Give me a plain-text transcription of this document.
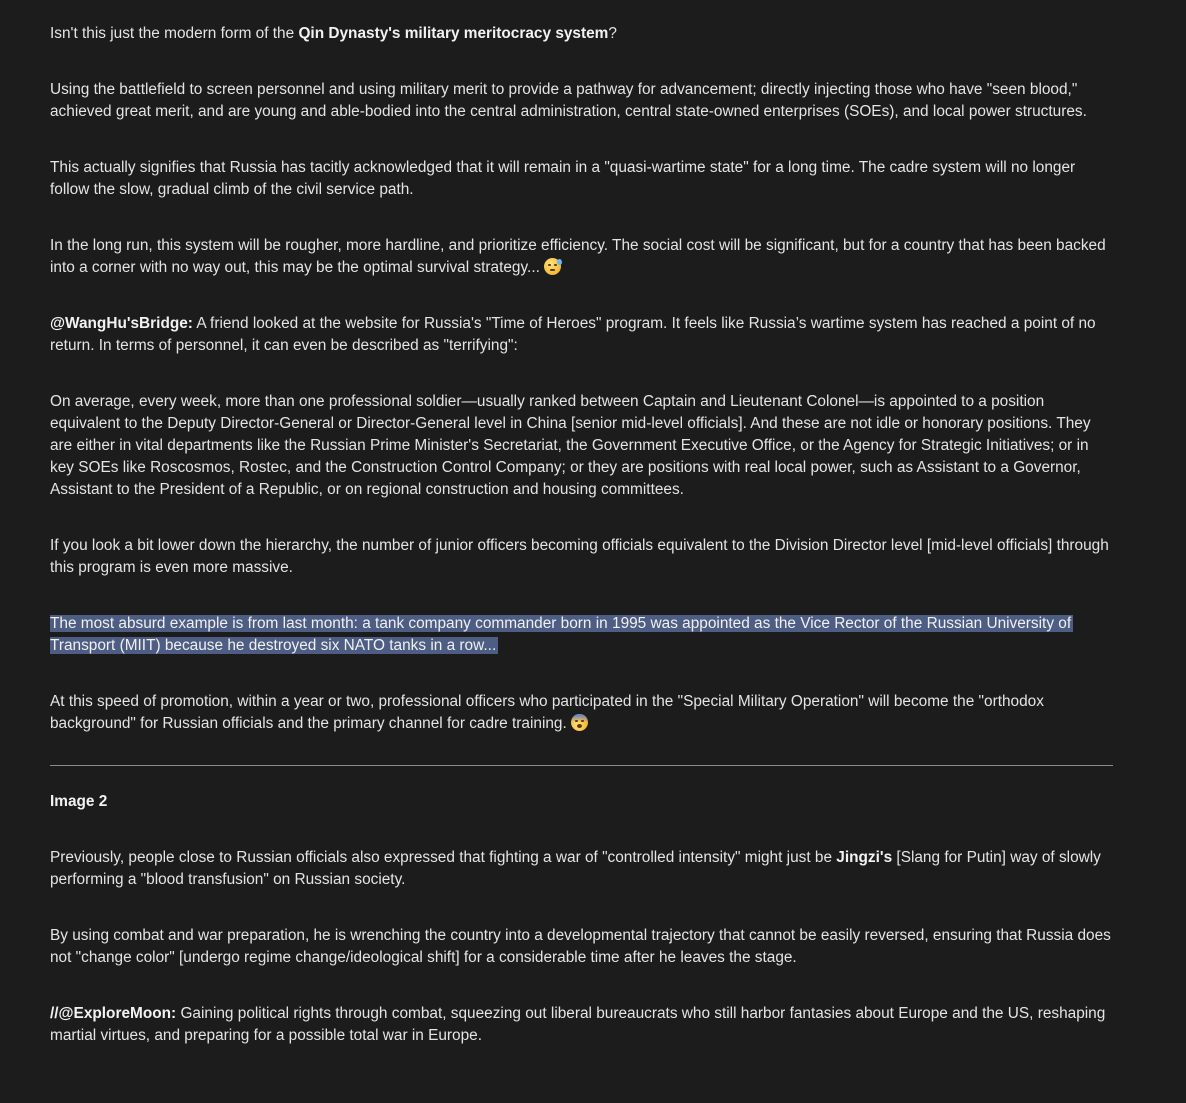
Isn't this just the modern form of the Qin Dynasty's military meritocracy system?

Using the battlefield to screen personnel and using military merit to provide a pathway for advancement; directly injecting those who have "seen blood," achieved great merit, and are young and able-bodied into the central administration, central state-owned enterprises (SOEs), and local power structures.

This actually signifies that Russia has tacitly acknowledged that it will remain in a "quasi-wartime state" for a long time. The cadre system will no longer follow the slow, gradual climb of the civil service path.

In the long run, this system will be rougher, more hardline, and prioritize efficiency. The social cost will be significant, but for a country that has been backed into a corner with no way out, this may be the optimal survival strategy...

@WangHu'sBridge: A friend looked at the website for Russia's "Time of Heroes" program. It feels like Russia’s wartime system has reached a point of no return. In terms of personnel, it can even be described as "terrifying":

On average, every week, more than one professional soldier—usually ranked between Captain and Lieutenant Colonel—is appointed to a position equivalent to the Deputy Director-General or Director-General level in China [senior mid-level officials]. And these are not idle or honorary positions. They are either in vital departments like the Russian Prime Minister's Secretariat, the Government Executive Office, or the Agency for Strategic Initiatives; or in key SOEs like Roscosmos, Rostec, and the Construction Control Company; or they are positions with real local power, such as Assistant to a Governor, Assistant to the President of a Republic, or on regional construction and housing committees.

If you look a bit lower down the hierarchy, the number of junior officers becoming officials equivalent to the Division Director level [mid-level officials] through this program is even more massive.

The most absurd example is from last month: a tank company commander born in 1995 was appointed as the Vice Rector of the Russian University of Transport (MIIT) because he destroyed six NATO tanks in a row...

At this speed of promotion, within a year or two, professional officers who participated in the "Special Military Operation" will become the "orthodox background" for Russian officials and the primary channel for cadre training.

Image 2

Previously, people close to Russian officials also expressed that fighting a war of "controlled intensity" might just be Jingzi's [Slang for Putin] way of slowly performing a "blood transfusion" on Russian society.

By using combat and war preparation, he is wrenching the country into a developmental trajectory that cannot be easily reversed, ensuring that Russia does not "change color" [undergo regime change/ideological shift] for a considerable time after he leaves the stage.

//@ExploreMoon: Gaining political rights through combat, squeezing out liberal bureaucrats who still harbor fantasies about Europe and the US, reshaping martial virtues, and preparing for a possible total war in Europe.
